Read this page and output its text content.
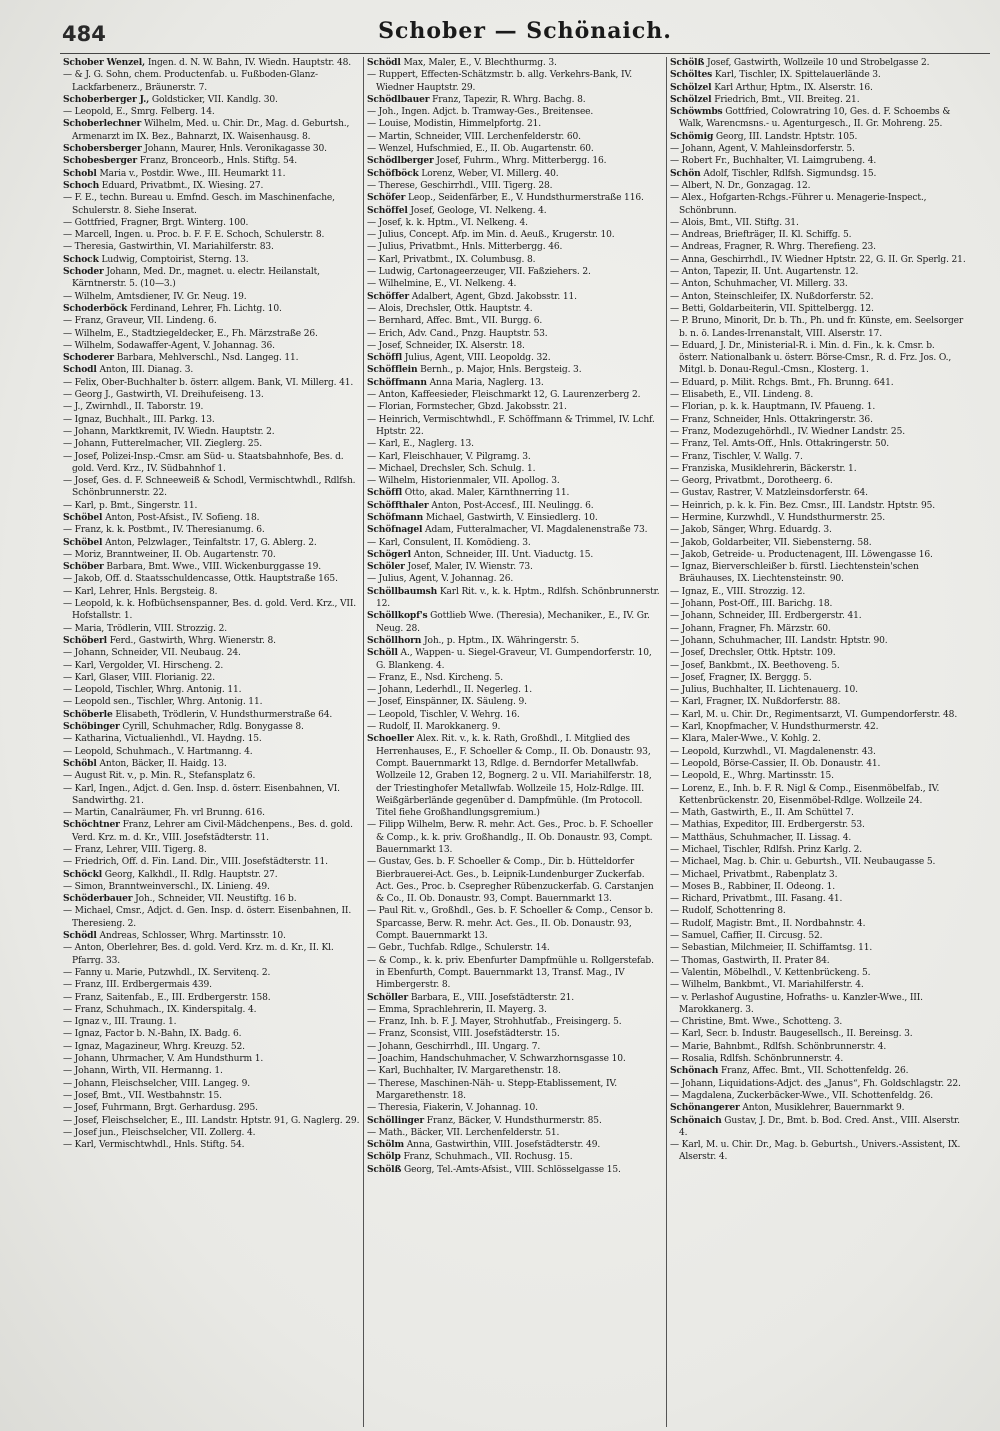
484	Schober — Schönaich.
Schober Wenzel, Ingen. d. N. W. Bahn, IV. Wiedn. Hauptstr. 48.
— & J. G. Sohn, chem. Productenfab. u. Fußboden-Glanz-Lackfarbenerz., Bräunerstr. 7.
Schoberberger J., Goldsticker, VII. Kandlg. 30.
— Leopold, E., Smrg. Felberg. 14.
Schoberlechner Wilhelm, Med. u. Chir. Dr., Mag. d. Geburtsh., Armenarzt im IX. Bez., Bahnarzt, IX. Waisenhausg. 8.
Schobersberger Johann, Maurer, Hnls. Veronikagasse 30.
Schobesberger Franz, Bronceorb., Hnls. Stiftg. 54.
Schobl Maria v., Postdir. Wwe., III. Heumarkt 11.
Schoch Eduard, Privatbmt., IX. Wiesing. 27.
— F. E., techn. Bureau u. Emfnd. Gesch. im Maschinenfache, Schulerstr. 8. Siehe Inserat.
— Gottfried, Fragner, Brgt. Winterg. 100.
— Marcell, Ingen. u. Proc. b. F. F. E. Schoch, Schulerstr. 8.
— Theresia, Gastwirthin, VI. Mariahilferstr. 83.
Schock Ludwig, Comptoirist, Sterng. 13.
Schoder Johann, Med. Dr., magnet. u. electr. Heilanstalt, Kärntnerstr. 5. (10—3.)
— Wilhelm, Amtsdiener, IV. Gr. Neug. 19.
Schoderböck Ferdinand, Lehrer, Fh. Lichtg. 10.
— Franz, Graveur, VII. Lindeng. 6.
— Wilhelm, E., Stadtziegeldecker, E., Fh. Märzstraße 26.
— Wilhelm, Sodawaffer-Agent, V. Johannag. 36.
Schoderer Barbara, Mehlverschl., Nsd. Langeg. 11.
Schodl Anton, III. Dianag. 3.
— Felix, Ober-Buchhalter b. österr. allgem. Bank, VI. Millerg. 41.
— Georg J., Gastwirth, VI. Dreihufeiseng. 13.
— J., Zwirnhdl., II. Taborstr. 19.
— Ignaz, Buchhalt., III. Parkg. 13.
— Johann, Marktkremit, IV. Wiedn. Hauptstr. 2.
— Johann, Futterelmacher, VII. Zieglerg. 25.
— Josef, Polizei-Insp.-Cmsr. am Süd- u. Staatsbahnhofe, Bes. d. gold. Verd. Krz., IV. Südbahnhof 1.
— Josef, Ges. d. F. Schneeweiß & Schodl, Vermischtwhdl., Rdlfsh. Schönbrunnerstr. 22.
— Karl, p. Bmt., Singerstr. 11.
Schöbel Anton, Post-Afsist., IV. Sofieng. 18.
— Franz, k. k. Postbmt., IV. Theresianumg. 6.
Schöbel Anton, Pelzwlager., Teinfaltstr. 17, G. Ablerg. 2.
— Moriz, Branntweiner, II. Ob. Augartenstr. 70.
Schöber Barbara, Bmt. Wwe., VIII. Wickenburggasse 19.
— Jakob, Off. d. Staatsschuldencasse, Ottk. Hauptstraße 165.
— Karl, Lehrer, Hnls. Bergsteig. 8.
— Leopold, k. k. Hofbüchsenspanner, Bes. d. gold. Verd. Krz., VII. Hofstallstr. 1.
— Maria, Trödlerin, VIII. Strozzig. 2.
Schöberl Ferd., Gastwirth, Whrg. Wienerstr. 8.
— Johann, Schneider, VII. Neubaug. 24.
— Karl, Vergolder, VI. Hirscheng. 2.
— Karl, Glaser, VIII. Florianig. 22.
— Leopold, Tischler, Whrg. Antonig. 11.
— Leopold sen., Tischler, Whrg. Antonig. 11.
Schöberle Elisabeth, Trödlerin, V. Hundsthurmerstraße 64.
Schöbinger Cyrill, Schuhmacher, Rdlg. Bonygasse 8.
— Katharina, Victualienhdl., VI. Haydng. 15.
— Leopold, Schuhmach., V. Hartmanng. 4.
Schöbl Anton, Bäcker, II. Haidg. 13.
— August Rit. v., p. Min. R., Stefansplatz 6.
— Karl, Ingen., Adjct. d. Gen. Insp. d. österr. Eisenbahnen, VI. Sandwirthg. 21.
— Martin, Canalräumer, Fh. vrl Brunng. 616.
Schöchtner Franz, Lehrer am Civil-Mädchenpens., Bes. d. gold. Verd. Krz. m. d. Kr., VIII. Josefstädterstr. 11.
— Franz, Lehrer, VIII. Tigerg. 8.
— Friedrich, Off. d. Fin. Land. Dir., VIII. Josefstädterstr. 11.
Schöckl Georg, Kalkhdl., II. Rdlg. Hauptstr. 27.
— Simon, Branntweinverschl., IX. Linieng. 49.
Schöderbauer Joh., Schneider, VII. Neustiftg. 16 b.
— Michael, Cmsr., Adjct. d. Gen. Insp. d. österr. Eisenbahnen, II. Theresieng. 2.
Schödl Andreas, Schlosser, Whrg. Martinsstr. 10.
— Anton, Oberlehrer, Bes. d. gold. Verd. Krz. m. d. Kr., II. Kl. Pfarrg. 33.
— Fanny u. Marie, Putzwhdl., IX. Servitenq. 2.
— Franz, III. Erdbergermais 439.
— Franz, Saitenfab., E., III. Erdbergerstr. 158.
— Franz, Schuhmach., IX. Kinderspitalg. 4.
— Ignaz v., III. Traung. 1.
— Ignaz, Factor b. N.-Bahn, IX. Badg. 6.
— Ignaz, Magazineur, Whrg. Kreuzg. 52.
— Johann, Uhrmacher, V. Am Hundsthurm 1.
— Johann, Wirth, VII. Hermanng. 1.
— Johann, Fleischselcher, VIII. Langeg. 9.
— Josef, Bmt., VII. Westbahnstr. 15.
— Josef, Fuhrmann, Brgt. Gerhardusg. 295.
— Josef, Fleischselcher, E., III. Landstr. Hptstr. 91, G. Naglerg. 29.
— Josef jun., Fleischselcher, VII. Zollerg. 4.
— Karl, Vermischtwhdl., Hnls. Stiftg. 54.
Schödl Max, Maler, E., V. Blechthurmg. 3.
— Ruppert, Effecten-Schätzmstr. b. allg. Verkehrs-Bank, IV. Wiedner Hauptstr. 29.
Schödlbauer Franz, Tapezir, R. Whrg. Bachg. 8.
— Joh., Ingen. Adjct. b. Tramway-Ges., Breitensee.
— Louise, Modistin, Himmelpfortg. 21.
— Martin, Schneider, VIII. Lerchenfelderstr. 60.
— Wenzel, Hufschmied, E., II. Ob. Augartenstr. 60.
Schödlberger Josef, Fuhrm., Whrg. Mitterbergg. 16.
Schöfböck Lorenz, Weber, VI. Millerg. 40.
— Therese, Geschirrhdl., VIII. Tigerg. 28.
Schöfer Leop., Seidenfärber, E., V. Hundsthurmerstraße 116.
Schöffel Josef, Geologe, VI. Nelkeng. 4.
— Josef, k. k. Hptm., VI. Nelkeng. 4.
— Julius, Concept. Afp. im Min. d. Aeuß., Krugerstr. 10.
— Julius, Privatbmt., Hnls. Mitterbergg. 46.
— Karl, Privatbmt., IX. Columbusg. 8.
— Ludwig, Cartonageerzeuger, VII. Faßziehers. 2.
— Wilhelmine, E., VI. Nelkeng. 4.
Schöffer Adalbert, Agent, Gbzd. Jakobsstr. 11.
— Alois, Drechsler, Ottk. Hauptstr. 4.
— Bernhard, Affec. Bmt., VII. Burgg. 6.
— Erich, Adv. Cand., Pnzg. Hauptstr. 53.
— Josef, Schneider, IX. Alserstr. 18.
Schöffl Julius, Agent, VIII. Leopoldg. 32.
Schöfflein Bernh., p. Major, Hnls. Bergsteig. 3.
Schöffmann Anna Maria, Naglerg. 13.
— Anton, Kaffeesieder, Fleischmarkt 12, G. Laurenzerberg 2.
— Florian, Formstecher, Gbzd. Jakobsstr. 21.
— Heinrich, Vermischtwhdl., F. Schöffmann & Trimmel, IV. Lchf. Hptstr. 22.
— Karl, E., Naglerg. 13.
— Karl, Fleischhauer, V. Pilgramg. 3.
— Michael, Drechsler, Sch. Schulg. 1.
— Wilhelm, Historienmaler, VII. Apollog. 3.
Schöffl Otto, akad. Maler, Kärnthnerring 11.
Schöffthaler Anton, Post-Accesf., III. Neulingg. 6.
Schöfmann Michael, Gastwirth, V. Einsiedlerg. 10.
Schöfnagel Adam, Futteralmacher, VI. Magdalenenstraße 73.
— Karl, Consulent, II. Komödieng. 3.
Schögerl Anton, Schneider, III. Unt. Viaductg. 15.
Schöler Josef, Maler, IV. Wienstr. 73.
— Julius, Agent, V. Johannag. 26.
Schöllbaumsh Karl Rit. v., k. k. Hptm., Rdlfsh. Schönbrunnerstr. 12.
Schöllkopf's Gottlieb Wwe. (Theresia), Mechaniker., E., IV. Gr. Neug. 28.
Schöllhorn Joh., p. Hptm., IX. Währingerstr. 5.
Schöll A., Wappen- u. Siegel-Graveur, VI. Gumpendorferstr. 10, G. Blankeng. 4.
— Franz, E., Nsd. Kircheng. 5.
— Johann, Lederhdl., II. Negerleg. 1.
— Josef, Einspänner, IX. Säuleng. 9.
— Leopold, Tischler, V. Wehrg. 16.
— Rudolf, II. Marokkanerg. 9.
Schoeller Alex. Rit. v., k. k. Rath, Großhdl., I. Mitglied des Herrenhauses, E., F. Schoeller & Comp., II. Ob. Donaustr. 93, Compt. Bauernmarkt 13, Rdlge. d. Berndorfer Metallwfab. Wollzeile 12, Graben 12, Bognerg. 2 u. VII. Mariahilferstr. 18, der Triestinghofer Metallwfab. Wollzeile 15, Holz-Rdlge. III. Weißgärberlände gegenüber d. Dampfmühle. (Im Protocoll. Titel fiehe Großhandlungsgremium.)
— Filipp Wilhelm, Berw. R. mehr. Act. Ges., Proc. b. F. Schoeller & Comp., k. k. priv. Großhandlg., II. Ob. Donaustr. 93, Compt. Bauernmarkt 13.
— Gustav, Ges. b. F. Schoeller & Comp., Dir. b. Hütteldorfer Bierbrauerei-Act. Ges., b. Leipnik-Lundenburger Zuckerfab. Act. Ges., Proc. b. Csepregher Rübenzuckerfab. G. Carstanjen & Co., II. Ob. Donaustr. 93, Compt. Bauernmarkt 13.
— Paul Rit. v., Großhdl., Ges. b. F. Schoeller & Comp., Censor b. Sparcasse, Berw. R. mehr. Act. Ges., II. Ob. Donaustr. 93, Compt. Bauernmarkt 13.
— Gebr., Tuchfab. Rdlge., Schulerstr. 14.
— & Comp., k. k. priv. Ebenfurter Dampfmühle u. Rollgerstefab. in Ebenfurth, Compt. Bauernmarkt 13, Transf. Mag., IV Himbergerstr. 8.
Schöller Barbara, E., VIII. Josefstädterstr. 21.
— Emma, Sprachlehrerin, II. Mayerg. 3.
— Franz, Inh. b. F. J. Mayer, Strohhutfab., Freisingerg. 5.
— Franz, Sconsist, VIII. Josefstädterstr. 15.
— Johann, Geschirrhdl., III. Ungarg. 7.
— Joachim, Handschuhmacher, V. Schwarzhornsgasse 10.
— Karl, Buchhalter, IV. Margarethenstr. 18.
— Therese, Maschinen-Näh- u. Stepp-Etablissement, IV. Margarethenstr. 18.
— Theresia, Fiakerin, V. Johannag. 10.
Schöllinger Franz, Bäcker, V. Hundsthurmerstr. 85.
— Math., Bäcker, VII. Lerchenfelderstr. 51.
Schölm Anna, Gastwirthin, VIII. Josefstädterstr. 49.
Schölp Franz, Schuhmach., VII. Rochusg. 15.
Schölß Georg, Tel.-Amts-Afsist., VIII. Schlösselgasse 15.
Schölß Josef, Gastwirth, Wollzeile 10 und Strobelgasse 2.
Schöltes Karl, Tischler, IX. Spittelauerlände 3.
Schölzel Karl Arthur, Hptm., IX. Alserstr. 16.
Schölzel Friedrich, Bmt., VII. Breiteg. 21.
Schöwmbs Gottfried, Colowratring 10, Ges. d. F. Schoembs & Walk, Warencmsns.- u. Agenturgesch., II. Gr. Mohreng. 25.
Schömig Georg, III. Landstr. Hptstr. 105.
— Johann, Agent, V. Mahleinsdorferstr. 5.
— Robert Fr., Buchhalter, VI. Laimgrubeng. 4.
Schön Adolf, Tischler, Rdlfsh. Sigmundsg. 15.
— Albert, N. Dr., Gonzagag. 12.
— Alex., Hofgarten-Rchgs.-Führer u. Menagerie-Inspect., Schönbrunn.
— Alois, Bmt., VII. Stiftg. 31.
— Andreas, Briefträger, II. Kl. Schiffg. 5.
— Andreas, Fragner, R. Whrg. Therefieng. 23.
— Anna, Geschirrhdl., IV. Wiedner Hptstr. 22, G. II. Gr. Sperlg. 21.
— Anton, Tapezir, II. Unt. Augartenstr. 12.
— Anton, Schuhmacher, VI. Millerg. 33.
— Anton, Steinschleifer, IX. Nußdorferstr. 52.
— Betti, Goldarbeiterin, VII. Spittelbergg. 12.
— P. Bruno, Minorit, Dr. b. Th., Ph. und fr. Künste, em. Seelsorger b. n. ö. Landes-Irrenanstalt, VIII. Alserstr. 17.
— Eduard, J. Dr., Ministerial-R. i. Min. d. Fin., k. k. Cmsr. b. österr. Nationalbank u. österr. Börse-Cmsr., R. d. Frz. Jos. O., Mitgl. b. Donau-Regul.-Cmsn., Klosterg. 1.
— Eduard, p. Milit. Rchgs. Bmt., Fh. Brunng. 641.
— Elisabeth, E., VII. Lindeng. 8.
— Florian, p. k. k. Hauptmann, IV. Pfaueng. 1.
— Franz, Schneider, Hnls. Ottakringerstr. 36.
— Franz, Modezugehörhdl., IV. Wiedner Landstr. 25.
— Franz, Tel. Amts-Off., Hnls. Ottakringerstr. 50.
— Franz, Tischler, V. Wallg. 7.
— Franziska, Musiklehrerin, Bäckerstr. 1.
— Georg, Privatbmt., Dorotheerg. 6.
— Gustav, Rastrer, V. Matzleinsdorferstr. 64.
— Heinrich, p. k. k. Fin. Bez. Cmsr., III. Landstr. Hptstr. 95.
— Hermine, Kurzwhdl., V. Hundsthurmerstr. 25.
— Jakob, Sänger, Whrg. Eduardg. 3.
— Jakob, Goldarbeiter, VII. Siebensterng. 58.
— Jakob, Getreide- u. Productenagent, III. Löwengasse 16.
— Ignaz, Bierverschleißer b. fürstl. Liechtenstein'schen Bräuhauses, IX. Liechtensteinstr. 90.
— Ignaz, E., VIII. Strozzig. 12.
— Johann, Post-Off., III. Barichg. 18.
— Johann, Schneider, III. Erdbergerstr. 41.
— Johann, Fragner, Fh. Märzstr. 60.
— Johann, Schuhmacher, III. Landstr. Hptstr. 90.
— Josef, Drechsler, Ottk. Hptstr. 109.
— Josef, Bankbmt., IX. Beethoveng. 5.
— Josef, Fragner, IX. Berggg. 5.
— Julius, Buchhalter, II. Lichtenauerg. 10.
— Karl, Fragner, IX. Nußdorferstr. 88.
— Karl, M. u. Chir. Dr., Regimentsarzt, VI. Gumpendorferstr. 48.
— Karl, Knopfmacher, V. Hundsthurmerstr. 42.
— Klara, Maler-Wwe., V. Kohlg. 2.
— Leopold, Kurzwhdl., VI. Magdalenenstr. 43.
— Leopold, Börse-Cassier, II. Ob. Donaustr. 41.
— Leopold, E., Whrg. Martinsstr. 15.
— Lorenz, E., Inh. b. F. R. Nigl & Comp., Eisenmöbelfab., IV. Kettenbrückenstr. 20, Eisenmöbel-Rdlge. Wollzeile 24.
— Math, Gastwirth, E., II. Am Schüttel 7.
— Mathias, Expeditor, III. Erdbergerstr. 53.
— Matthäus, Schuhmacher, II. Lissag. 4.
— Michael, Tischler, Rdlfsh. Prinz Karlg. 2.
— Michael, Mag. b. Chir. u. Geburtsh., VII. Neubaugasse 5.
— Michael, Privatbmt., Rabenplatz 3.
— Moses B., Rabbiner, II. Odeong. 1.
— Richard, Privatbmt., III. Fasang. 41.
— Rudolf, Schottenring 8.
— Rudolf, Magistr. Bmt., II. Nordbahnstr. 4.
— Samuel, Caffier, II. Circusg. 52.
— Sebastian, Milchmeier, II. Schiffamtsg. 11.
— Thomas, Gastwirth, II. Prater 84.
— Valentin, Möbelhdl., V. Kettenbrückeng. 5.
— Wilhelm, Bankbmt., VI. Mariahilferstr. 4.
— v. Perlashof Augustine, Hofraths- u. Kanzler-Wwe., III. Marokkanerg. 3.
— Christine, Bmt. Wwe., Schotteng. 3.
— Karl, Secr. b. Industr. Baugesellsch., II. Bereinsg. 3.
— Marie, Bahnbmt., Rdlfsh. Schönbrunnerstr. 4.
— Rosalia, Rdlfsh. Schönbrunnerstr. 4.
Schönach Franz, Affec. Bmt., VII. Schottenfeldg. 26.
— Johann, Liquidations-Adjct. des „Janus“, Fh. Goldschlagstr. 22.
— Magdalena, Zuckerbäcker-Wwe., VII. Schottenfeldg. 26.
Schönangerer Anton, Musiklehrer, Bauernmarkt 9.
Schönaich Gustav, J. Dr., Bmt. b. Bod. Cred. Anst., VIII. Alserstr. 4.
— Karl, M. u. Chir. Dr., Mag. b. Geburtsh., Univers.-Assistent, IX. Alserstr. 4.
